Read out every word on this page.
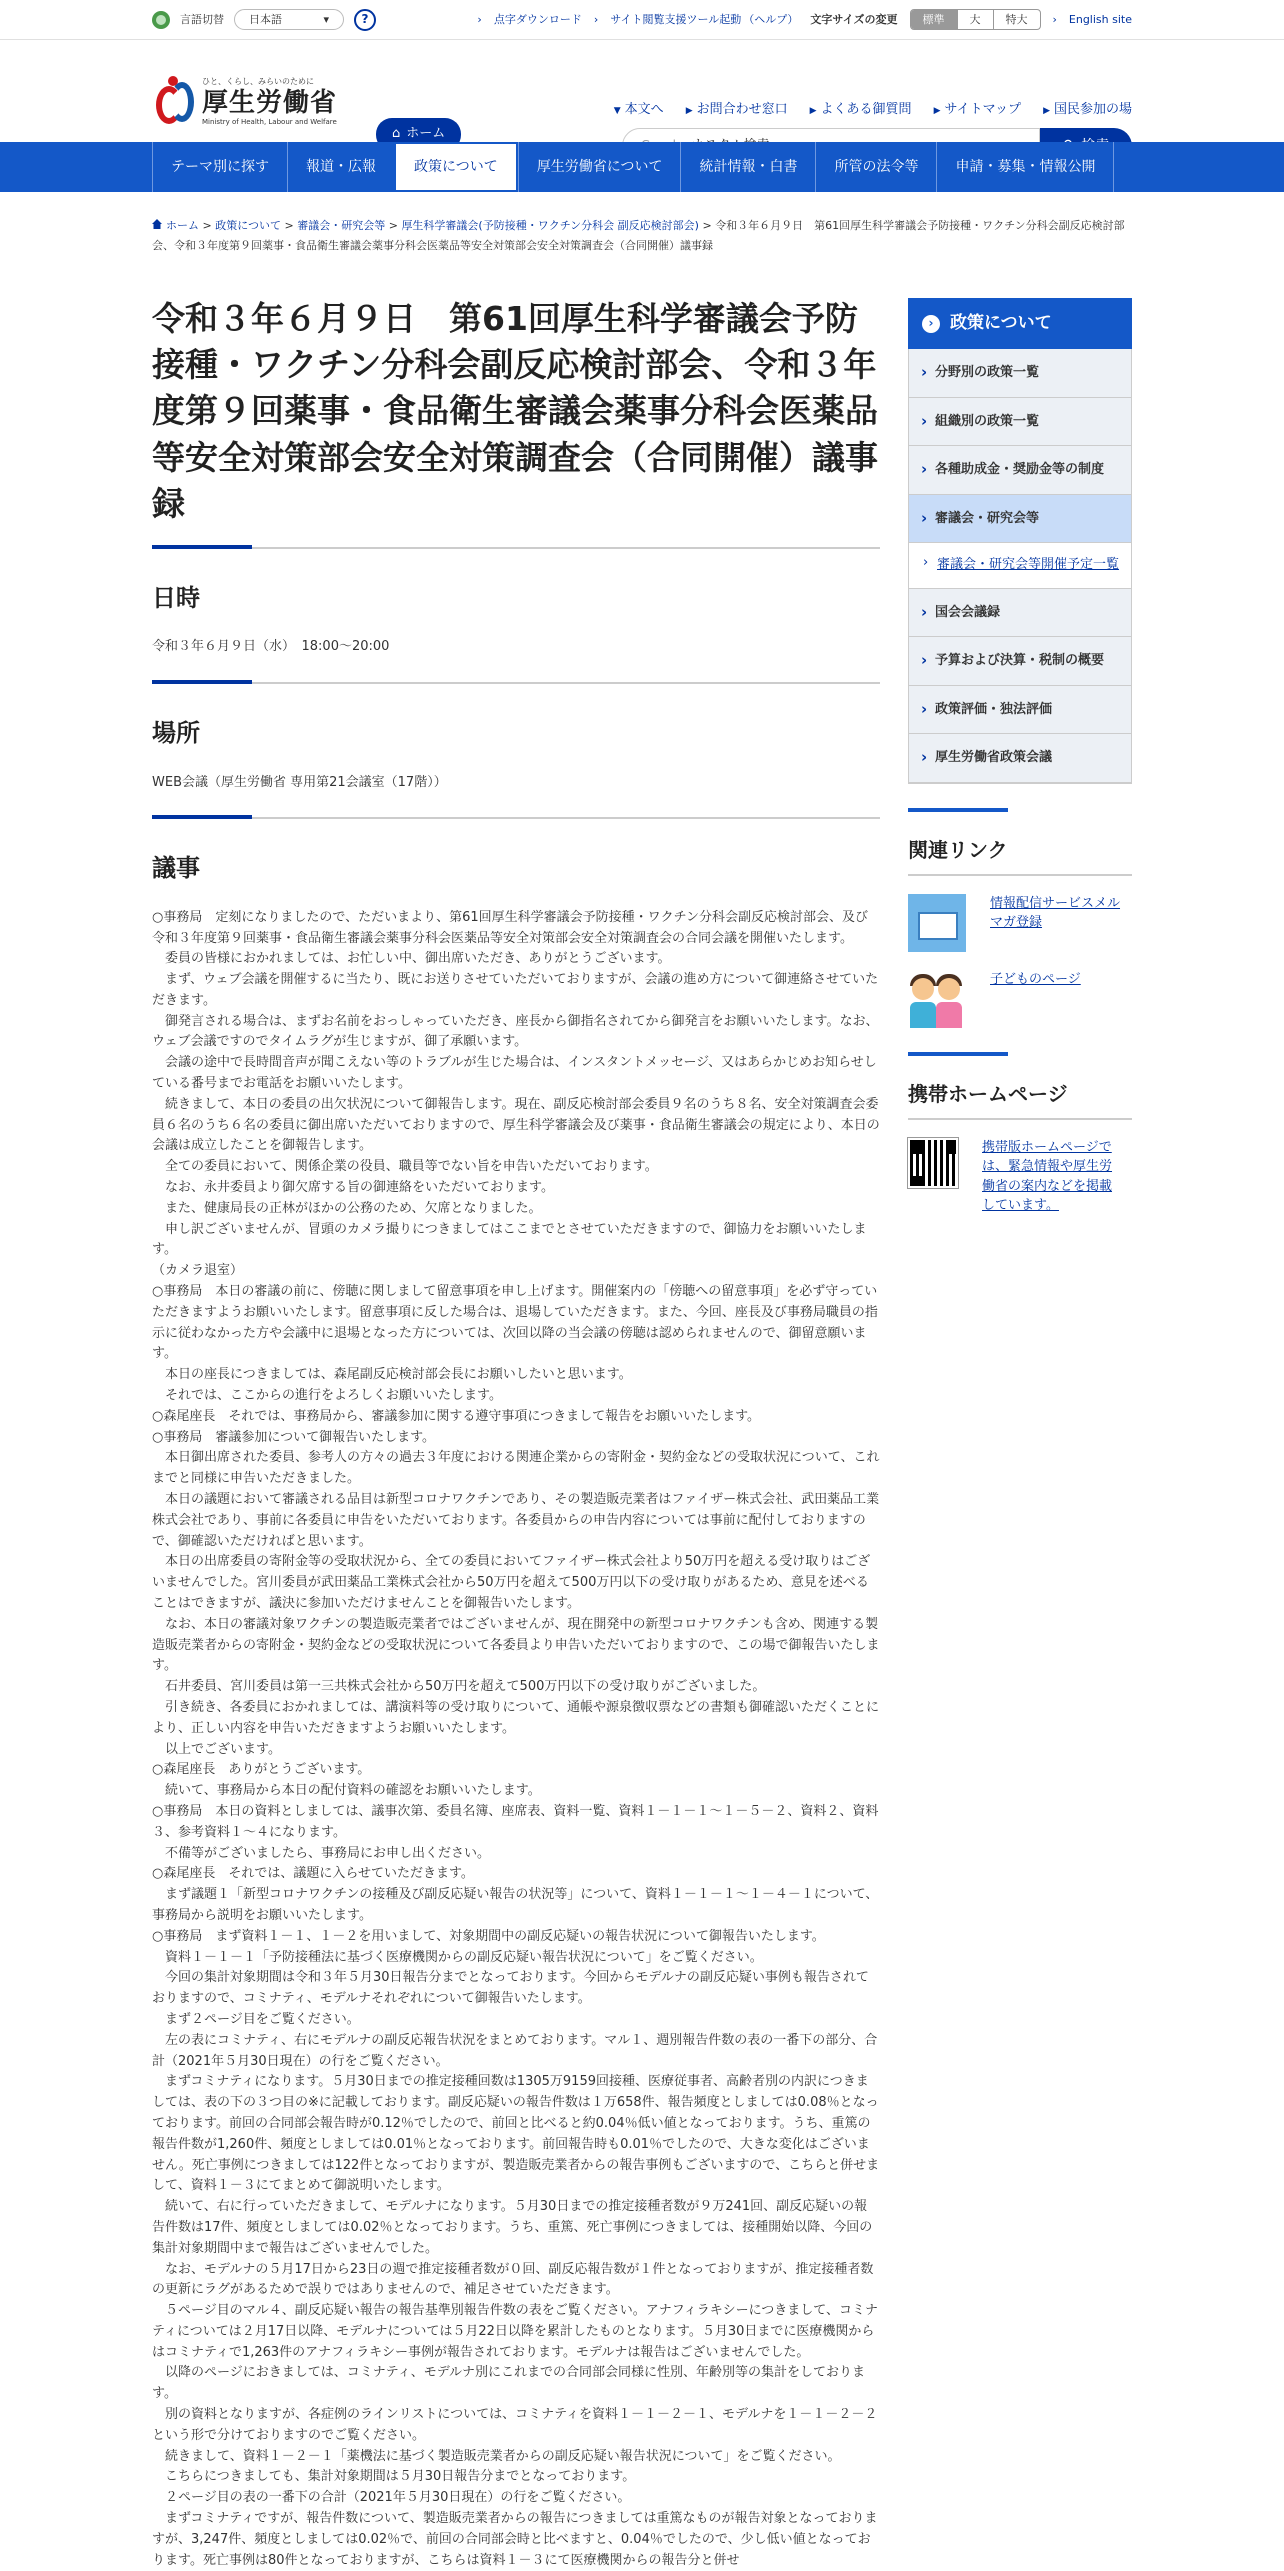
言語切替 日本語	▾	?	› 点字ダウンロード › サイト閲覧支援ツール起動 （ヘルプ） 文字サイズの変更	標準	大	特大	› English site
ひと、くらし、みらいのために
厚生労働省
Ministry of Health, Labour and Welfare
⌂ ホーム
▼ 本文へ ▶ お問合わせ窓口 ▶ よくある御質問 ▶ サイトマップ ▶ 国民参加の場
テーマ別に探す	報道・広報	政策について	厚生労働省について	統計情報・白書	所管の法令等	申請・募集・情報公開
ホーム > 政策について > 審議会・研究会等 > 厚生科学審議会(予防接種・ワクチン分科会 副反応検討部会) > 令和３年６月９日　第61回厚生科学審議会予防接種・ワクチン分科会副反応検討部会、令和３年度第９回薬事・食品衛生審議会薬事分科会医薬品等安全対策部会安全対策調査会（合同開催）議事録
令和３年６月９日　第61回厚生科学審議会予防接種・ワクチン分科会副反応検討部会、令和３年度第９回薬事・食品衛生審議会薬事分科会医薬品等安全対策部会安全対策調査会（合同開催）議事録
日時

令和３年６月９日（水）　18:00～20:00

場所

WEB会議（厚生労働省 専用第21会議室（17階））

議事

○事務局　定刻になりましたので、ただいまより、第61回厚生科学審議会予防接種・ワクチン分科会副反応検討部会、及び令和３年度第９回薬事・食品衛生審議会薬事分科会医薬品等安全対策部会安全対策調査会の合同会議を開催いたします。

　委員の皆様におかれましては、お忙しい中、御出席いただき、ありがとうございます。

　まず、ウェブ会議を開催するに当たり、既にお送りさせていただいておりますが、会議の進め方について御連絡させていただきます。

　御発言される場合は、まずお名前をおっしゃっていただき、座長から御指名されてから御発言をお願いいたします。なお、ウェブ会議ですのでタイムラグが生じますが、御了承願います。

　会議の途中で長時間音声が聞こえない等のトラブルが生じた場合は、インスタントメッセージ、又はあらかじめお知らせしている番号までお電話をお願いいたします。

　続きまして、本日の委員の出欠状況について御報告します。現在、副反応検討部会委員９名のうち８名、安全対策調査会委員６名のうち６名の委員に御出席いただいておりますので、厚生科学審議会及び薬事・食品衛生審議会の規定により、本日の会議は成立したことを御報告します。

　全ての委員において、関係企業の役員、職員等でない旨を申告いただいております。

　なお、永井委員より御欠席する旨の御連絡をいただいております。

　また、健康局長の正林がほかの公務のため、欠席となりました。

　申し訳ございませんが、冒頭のカメラ撮りにつきましてはここまでとさせていただきますので、御協力をお願いいたします。

（カメラ退室）

○事務局　本日の審議の前に、傍聴に関しまして留意事項を申し上げます。開催案内の「傍聴への留意事項」を必ず守っていただきますようお願いいたします。留意事項に反した場合は、退場していただきます。また、今回、座長及び事務局職員の指示に従わなかった方や会議中に退場となった方については、次回以降の当会議の傍聴は認められませんので、御留意願います。

　本日の座長につきましては、森尾副反応検討部会長にお願いしたいと思います。

　それでは、ここからの進行をよろしくお願いいたします。

○森尾座長　それでは、事務局から、審議参加に関する遵守事項につきまして報告をお願いいたします。

○事務局　審議参加について御報告いたします。

　本日御出席された委員、参考人の方々の過去３年度における関連企業からの寄附金・契約金などの受取状況について、これまでと同様に申告いただきました。

　本日の議題において審議される品目は新型コロナワクチンであり、その製造販売業者はファイザー株式会社、武田薬品工業株式会社であり、事前に各委員に申告をいただいております。各委員からの申告内容については事前に配付しておりますので、御確認いただければと思います。

　本日の出席委員の寄附金等の受取状況から、全ての委員においてファイザー株式会社より50万円を超える受け取りはございませんでした。宮川委員が武田薬品工業株式会社から50万円を超えて500万円以下の受け取りがあるため、意見を述べることはできますが、議決に参加いただけませんことを御報告いたします。

　なお、本日の審議対象ワクチンの製造販売業者ではございませんが、現在開発中の新型コロナワクチンも含め、関連する製造販売業者からの寄附金・契約金などの受取状況について各委員より申告いただいておりますので、この場で御報告いたします。

　石井委員、宮川委員は第一三共株式会社から50万円を超えて500万円以下の受け取りがございました。

　引き続き、各委員におかれましては、講演料等の受け取りについて、通帳や源泉徴収票などの書類も御確認いただくことにより、正しい内容を申告いただきますようお願いいたします。

　以上でございます。

○森尾座長　ありがとうございます。

　続いて、事務局から本日の配付資料の確認をお願いいたします。

○事務局　本日の資料としましては、議事次第、委員名簿、座席表、資料一覧、資料１－１－１～１－５－２、資料２、資料３、参考資料１～４になります。

　不備等がございましたら、事務局にお申し出ください。

○森尾座長　それでは、議題に入らせていただきます。

　まず議題１「新型コロナワクチンの接種及び副反応疑い報告の状況等」について、資料１－１－１～１－４－１について、事務局から説明をお願いいたします。

○事務局　まず資料１－１、１－２を用いまして、対象期間中の副反応疑いの報告状況について御報告いたします。

　資料１－１－１「予防接種法に基づく医療機関からの副反応疑い報告状況について」をご覧ください。

　今回の集計対象期間は令和３年５月30日報告分までとなっております。今回からモデルナの副反応疑い事例も報告されておりますので、コミナティ、モデルナそれぞれについて御報告いたします。

　まず２ページ目をご覧ください。

　左の表にコミナティ、右にモデルナの副反応報告状況をまとめております。マル１、週別報告件数の表の一番下の部分、合計（2021年５月30日現在）の行をご覧ください。

　まずコミナティになります。５月30日までの推定接種回数は1305万9159回接種、医療従事者、高齢者別の内訳につきましては、表の下の３つ目の※に記載しております。副反応疑いの報告件数は１万658件、報告頻度としましては0.08％となっております。前回の合同部会報告時が0.12％でしたので、前回と比べると約0.04％低い値となっております。うち、重篤の報告件数が1,260件、頻度としましては0.01％となっております。前回報告時も0.01％でしたので、大きな変化はございません。死亡事例につきましては122件となっておりますが、製造販売業者からの報告事例もございますので、こちらと併せまして、資料１－３にてまとめて御説明いたします。

　続いて、右に行っていただきまして、モデルナになります。５月30日までの推定接種者数が９万241回、副反応疑いの報告件数は17件、頻度としましては0.02％となっております。うち、重篤、死亡事例につきましては、接種開始以降、今回の集計対象期間中まで報告はございませんでした。

　なお、モデルナの５月17日から23日の週で推定接種者数が０回、副反応報告数が１件となっておりますが、推定接種者数の更新にラグがあるためで誤りではありませんので、補足させていただきます。

　５ページ目のマル４、副反応疑い報告の報告基準別報告件数の表をご覧ください。アナフィラキシーにつきまして、コミナティについては２月17日以降、モデルナについては５月22日以降を累計したものとなります。５月30日までに医療機関からはコミナティで1,263件のアナフィラキシー事例が報告されております。モデルナは報告はございませんでした。

　以降のページにおきましては、コミナティ、モデルナ別にこれまでの合同部会同様に性別、年齢別等の集計をしております。

　別の資料となりますが、各症例のラインリストについては、コミナティを資料１－１－２－１、モデルナを１－１－２－２という形で分けておりますのでご覧ください。

　続きまして、資料１－２－１「薬機法に基づく製造販売業者からの副反応疑い報告状況について」をご覧ください。

　こちらにつきましても、集計対象期間は５月30日報告分までとなっております。

　２ページ目の表の一番下の合計（2021年５月30日現在）の行をご覧ください。

　まずコミナティですが、報告件数について、製造販売業者からの報告につきましては重篤なものが報告対象となっておりますが、3,247件、頻度としましては0.02％で、前回の合同部会時と比べますと、0.04％でしたので、少し低い値となっております。死亡事例は80件となっておりますが、こちらは資料１－３にて医療機関からの報告分と併せ

› 政策について
› 分野別の政策一覧
› 組織別の政策一覧
› 各種助成金・奨励金等の制度
› 審議会・研究会等
› 審議会・研究会等開催予定一覧
› 国会会議録
› 予算および決算・税制の概要
› 政策評価・独法評価
› 厚生労働省政策会議
関連リンク
情報配信サービスメルマガ登録
子どものページ
携帯ホームページ
携帯版ホームページでは、緊急情報や厚生労働省の案内などを掲載しています。
